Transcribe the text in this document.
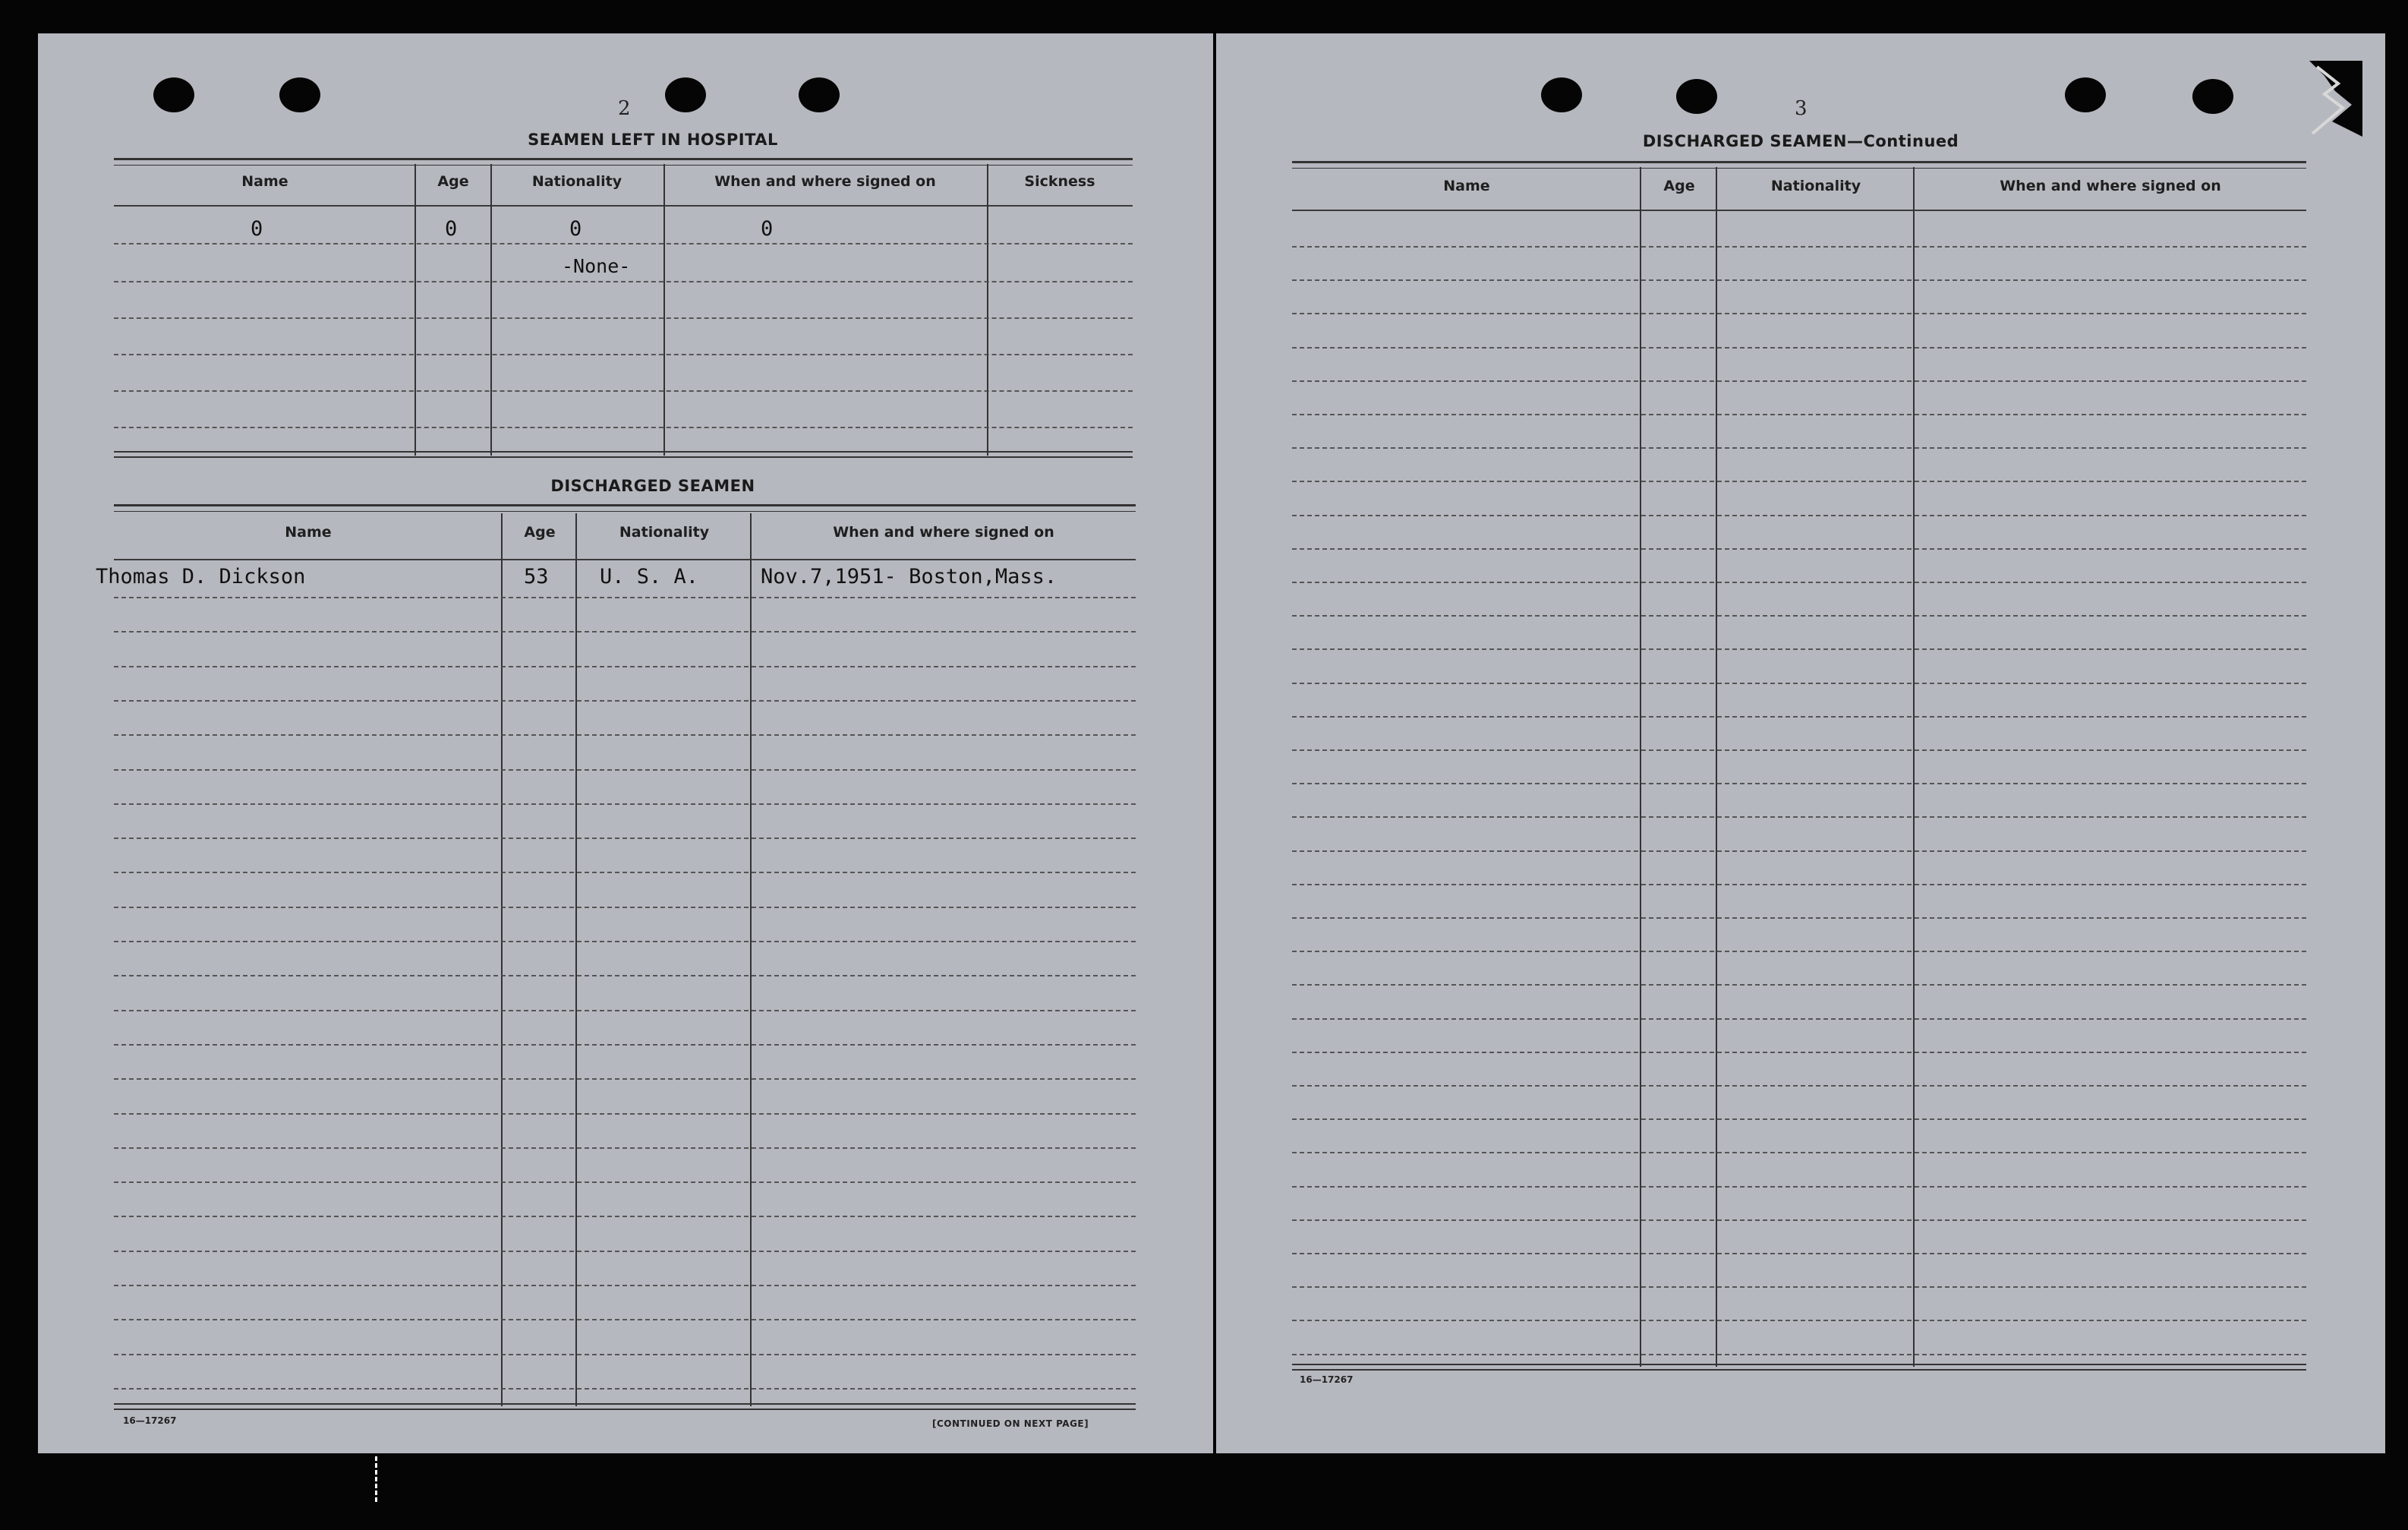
2
SEAMEN LEFT IN HOSPITAL
Name	Age	Nationality	When and where signed on	Sickness
0	0	0	0
-None-
DISCHARGED SEAMEN
Name	Age	Nationality	When and where signed on
Thomas D. Dickson	53 U. S. A.	Nov.7,1951- Boston,Mass.
16—17267	[CONTINUED ON NEXT PAGE]
3
DISCHARGED SEAMEN—Continued
Name	Age	Nationality	When and where signed on
16—17267
